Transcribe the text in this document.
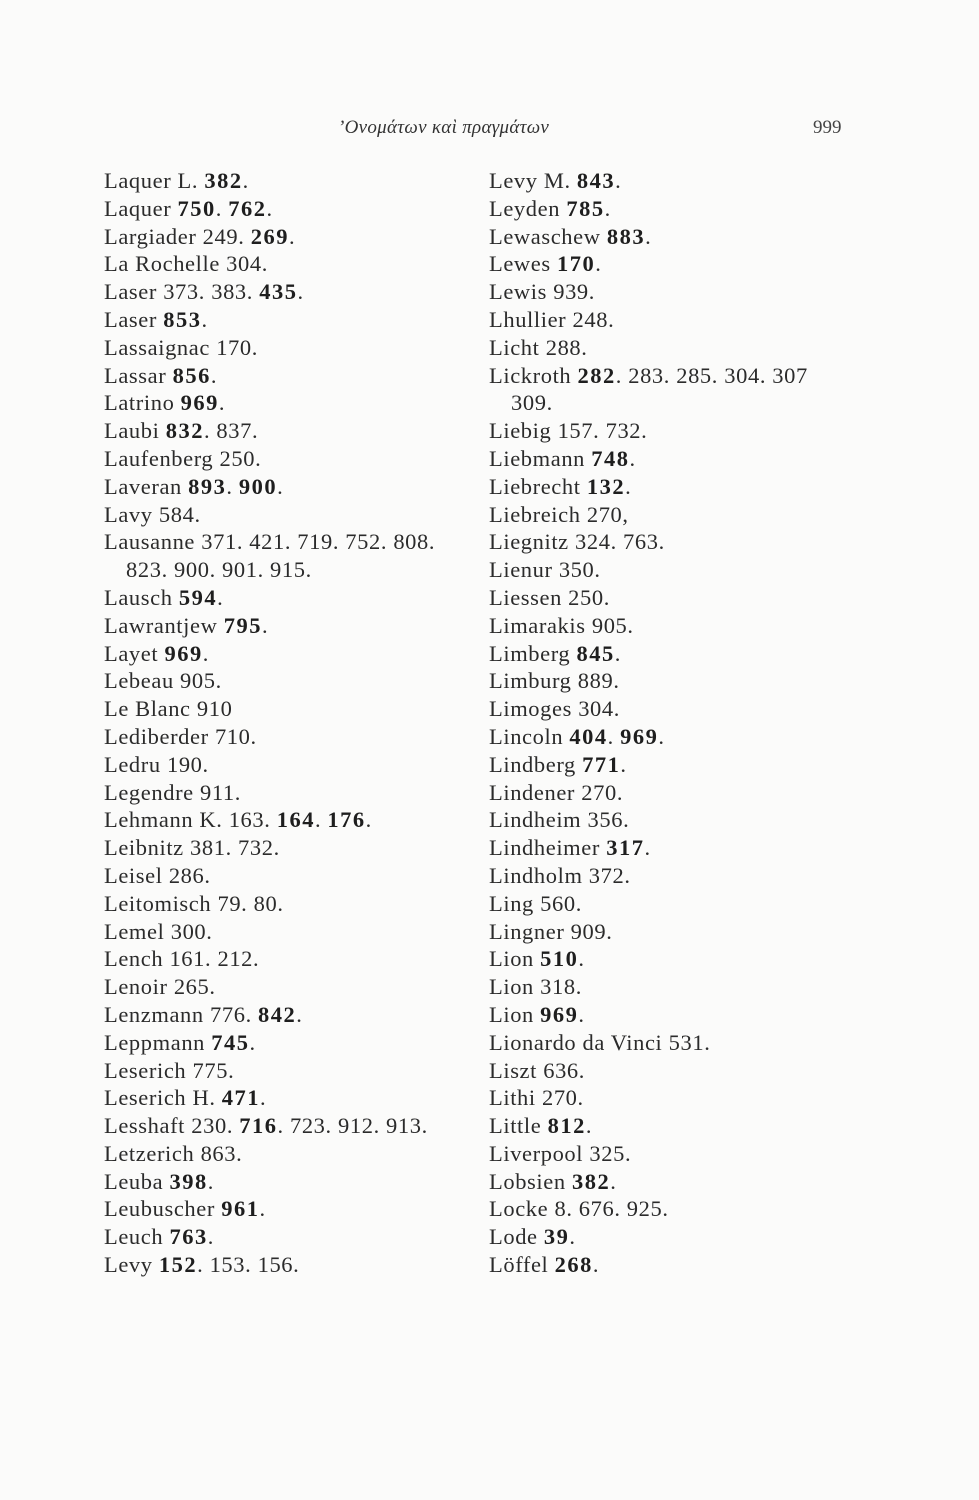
’Ονομάτων καὶ πραγμάτων	999
Laquer L. 382.
Laquer 750. 762.
Largiader 249. 269.
La Rochelle 304.
Laser 373. 383. 435.
Laser 853.
Lassaignac 170.
Lassar 856.
Latrino 969.
Laubi 832. 837.
Laufenberg 250.
Laveran 893. 900.
Lavy 584.
Lausanne 371. 421. 719. 752. 808.
823. 900. 901. 915.
Lausch 594.
Lawrantjew 795.
Layet 969.
Lebeau 905.
Le Blanc 910
Lediberder 710.
Ledru 190.
Legendre 911.
Lehmann K. 163. 164. 176.
Leibnitz 381. 732.
Leisel 286.
Leitomisch 79. 80.
Lemel 300.
Lench 161. 212.
Lenoir 265.
Lenzmann 776. 842.
Leppmann 745.
Leserich 775.
Leserich H. 471.
Lesshaft 230. 716. 723. 912. 913.
Letzerich 863.
Leuba 398.
Leubuscher 961.
Leuch 763.
Levy 152. 153. 156.
Levy M. 843.
Leyden 785.
Lewaschew 883.
Lewes 170.
Lewis 939.
Lhullier 248.
Licht 288.
Lickroth 282. 283. 285. 304. 307
309.
Liebig 157. 732.
Liebmann 748.
Liebrecht 132.
Liebreich 270,
Liegnitz 324. 763.
Lienur 350.
Liessen 250.
Limarakis 905.
Limberg 845.
Limburg 889.
Limoges 304.
Lincoln 404. 969.
Lindberg 771.
Lindener 270.
Lindheim 356.
Lindheimer 317.
Lindholm 372.
Ling 560.
Lingner 909.
Lion 510.
Lion 318.
Lion 969.
Lionardo da Vinci 531.
Liszt 636.
Lithi 270.
Little 812.
Liverpool 325.
Lobsien 382.
Locke 8. 676. 925.
Lode 39.
Löffel 268.
